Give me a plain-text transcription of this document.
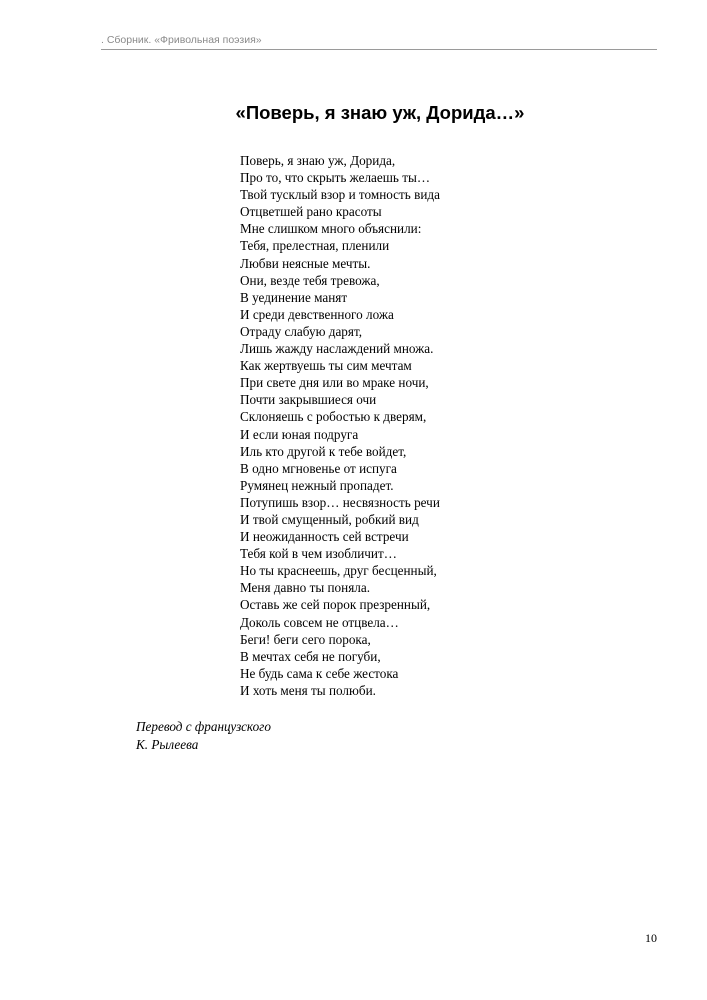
. Сборник. «Фривольная поэзия»
«Поверь, я знаю уж, Дорида…»
Поверь, я знаю уж, Дорида,
Про то, что скрыть желаешь ты…
Твой тусклый взор и томность вида
Отцветшей рано красоты
Мне слишком много объяснили:
Тебя, прелестная, пленили
Любви неясные мечты.
Они, везде тебя тревожа,
В уединение манят
И среди девственного ложа
Отраду слабую дарят,
Лишь жажду наслаждений множа.
Как жертвуешь ты сим мечтам
При свете дня или во мраке ночи,
Почти закрывшиеся очи
Склоняешь с робостью к дверям,
И если юная подруга
Иль кто другой к тебе войдет,
В одно мгновенье от испуга
Румянец нежный пропадет.
Потупишь взор… несвязность речи
И твой смущенный, робкий вид
И неожиданность сей встречи
Тебя кой в чем изобличит…
Но ты краснеешь, друг бесценный,
Меня давно ты поняла.
Оставь же сей порок презренный,
Доколь совсем не отцвела…
Беги! беги сего порока,
В мечтах себя не погуби,
Не будь сама к себе жестока
И хоть меня ты полюби.
Перевод с французского
К. Рылеева
10
